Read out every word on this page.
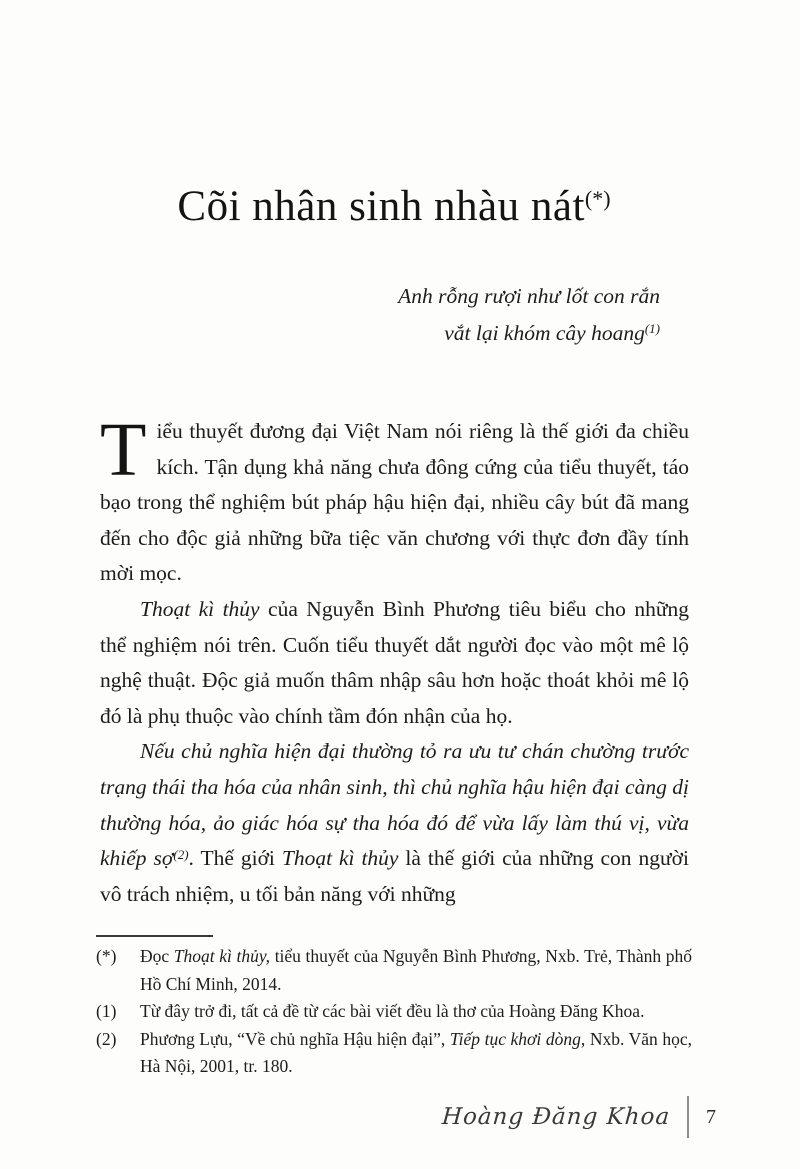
Cõi nhân sinh nhàu nát(*)
Anh rỗng rượi như lốt con rắn
vắt lại khóm cây hoang$^{(1)}$

Tiểu thuyết đương đại Việt Nam nói riêng là thế giới đa chiều kích. Tận dụng khả năng chưa đông cứng của tiểu thuyết, táo bạo trong thể nghiệm bút pháp hậu hiện đại, nhiều cây bút đã mang đến cho độc giả những bữa tiệc văn chương với thực đơn đầy tính mời mọc.

Thoạt kì thủy của Nguyễn Bình Phương tiêu biểu cho những thể nghiệm nói trên. Cuốn tiểu thuyết dắt người đọc vào một mê lộ nghệ thuật. Độc giả muốn thâm nhập sâu hơn hoặc thoát khỏi mê lộ đó là phụ thuộc vào chính tầm đón nhận của họ.

Nếu chủ nghĩa hiện đại thường tỏ ra ưu tư chán chường trước trạng thái tha hóa của nhân sinh, thì chủ nghĩa hậu hiện đại càng dị thường hóa, ảo giác hóa sự tha hóa đó để vừa lấy làm thú vị, vừa khiếp sợ$^{(2)}$. Thế giới Thoạt kì thủy là thế giới của những con người vô trách nhiệm, u tối bản năng với những

(*)	Đọc Thoạt kì thủy, tiểu thuyết của Nguyễn Bình Phương, Nxb. Trẻ, Thành phố Hồ Chí Minh, 2014.
(1)	Từ đây trở đi, tất cả đề từ các bài viết đều là thơ của Hoàng Đăng Khoa.
(2)	Phương Lựu, “Về chủ nghĩa Hậu hiện đại”, Tiếp tục khơi dòng, Nxb. Văn học, Hà Nội, 2001, tr. 180.
Hoàng Đăng Khoa 7
